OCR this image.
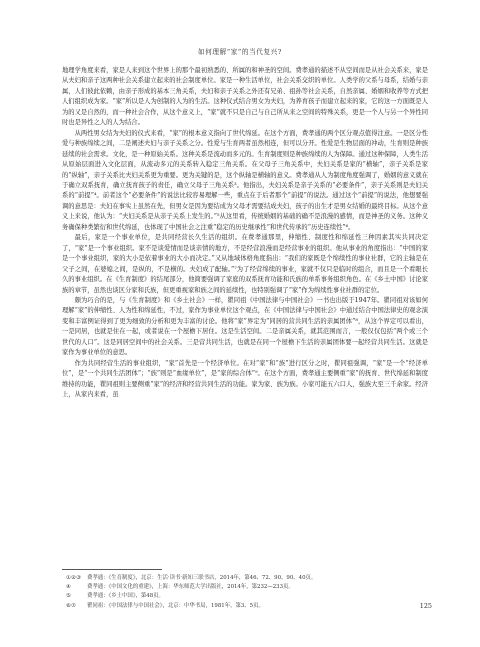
如何理解“家”的当代复兴?

地理学角度来看，家是人来到这个世界上的那个最初熟悉的、所属的和神圣的空间。费孝通的描述不从空间而是从社会关系来，家是从夫妇和亲子这两种社会关系建立起来的社会制度单位。家是一种生活单位，社会关系交织的单位。人类学的父系与母系，结婚与亲属，人们彼此依赖，由亲子形成的基本三角关系，夫妇和亲子关系之外还有兄弟、祖孙等社会关系，自然亲属、婚姻和收养等方式把人们组织成为家。“家”所以是人为创制的人为的生活。这种仪式结合男女为夫妇，为养育孩子而建立起来的家，它的这一方面既是人为的又是自然的，而一种社会合作，从这个意义上，“家”就不只是自己与自己所从来之空间的特殊关系，更是一个人与另一个异性同时也是异性之人的人为结合。

从两性男女结为夫妇的仪式来看，“家”的根本意义指向了世代绵延。在这个方面，费孝通的两个区分观点值得注意。一是区分性爱与种族绵续之间，二是阐述夫妇与亲子关系之分。性爱与生育两者虽然相连，但可以分开。性爱是生物层面的冲动，生育则是种族延续的社会需求。文化，是一种原始关系。这种关系是流动而多元的。生育制度则是种族绵续的人为保障。通过这种保障，人类生活从原始层面进入文化层面，从流动多元的关系转入稳定三角关系。在父母子三角关系中，夫妇关系是家的“横轴”，亲子关系是家的“纵轴”，亲子关系比夫妇关系更为重要。更为关键的是，这个纵轴是横轴的意义。费孝通从人为制度角度强调了，婚姻的意义就在于确立双系抚育，确立抚育孩子的责任，确立父母子三角关系³。他指出，夫妇关系是亲子关系的“必要条件”，亲子关系则是夫妇关系的“前提”⁴。前者这个“必要条件”的说法比较容易理解一些，重点在于后者那个“前提”的说法。通过这个“前提”的说法，他想要强调的意思是：夫妇在事实上虽然在先，但男女是因为要结成为父母才需要结成夫妇，孩子的出生才是男女结婚的最终目标。从这个意义上来说，他认为：“夫妇关系是从亲子关系上发生的。”⁵从这里看，传统婚姻的基础的确不是浪漫的感情，而是神圣的义务。这种义务确保种类繁衍和世代绵延，也体现了中国社会之注重“稳定的历史继承性”和世代传承的“历史连续性”⁶。

最后，家是一个事业单位，是共同经营长久生活的组织。在费孝通那里，伸缩性、制度性和绵延性三种因素其实共同决定了，“家”是一个事业组织。家不是谈爱情而是谈亲情的地方，不是经营浪漫而是经营事业的组织。他从事业的角度指出：“中国的家是一个事业组织，家的大小是依着事业的大小而决定。”又从地域体格角度指出：“我们的家既是个绵续性的事业社群，它的主轴是在父子之间，在婆媳之间，是纵的，不是横的。夫妇成了配轴。”⁷为了经营绵续的事业，家就不仅只是临时的组合，而且是一个看眼长久的事业组织。在《生育制度》的结尾部分，他简要强调了家庭的双系抚育功能和氏族的单系事务组织角色。在《乡土中国》讨论家族的章节，虽然也谈区分家和氏族，但更重视家和族之间的延续性，也特别强调了“家”作为绵续性事业社群的定位。

颇为巧合的是，与《生育制度》和《乡土社会》一样，瞿同祖《中国法律与中国社会》一书也出版于1947年。瞿同祖对该如何理解“家”的伸缩性、人为性和绵延性，不过，家作为事业单位这个观点，在《中国法律与中国社会》中通过结合中国法律史的观念演变和丰富例证得到了更为细致的分析和更为丰富的讨论。他将“家”界定为“同居的营共同生活的亲属团体”⁸，从这个界定可以看出，一是同居，也就是住在一起，或者说在一个屋檐下居住。这是生活空间。二是亲属关系，就其范围而言，一般仅仅包括“两个或三个世代的人口”。这是同居空间中的社会关系。三是营共同生活，也就是在同一个屋檐下生活的亲属团体要一起经营共同生活。这就是家作为事业单位的意思。

作为共同经营生活的事业组织，“家”首先是一个经济单位。在对“家”和“族”进行区分之时，瞿同祖强调，“家”是一个“经济单位”，是“一个共同生活团体”；“族”则是“血缘单位”，是“家的综合体”⁹。在这个方面，费孝通主要侧重“家”的抚育、世代绵延和制度维持的功能，瞿同祖则主要侧重“家”的经济和经营共同生活的功能。家为家、族为族。小家可能五六口人，强族大至三千余家。经济上，从家内来看，虽

①②③	费孝通：《生育制度》，北京：生活·读书·新知三联书店，2014年，第46、72、90、90、40页。
④	费孝通：《中国文化的重建》，上海：华东师范大学出版社，2014年，第232—233页。
⑤	费孝通：《乡土中国》，第48页。
⑥⑦	瞿同祖：《中国法律与中国社会》，北京：中华书局，1981年，第3、5页。	125
